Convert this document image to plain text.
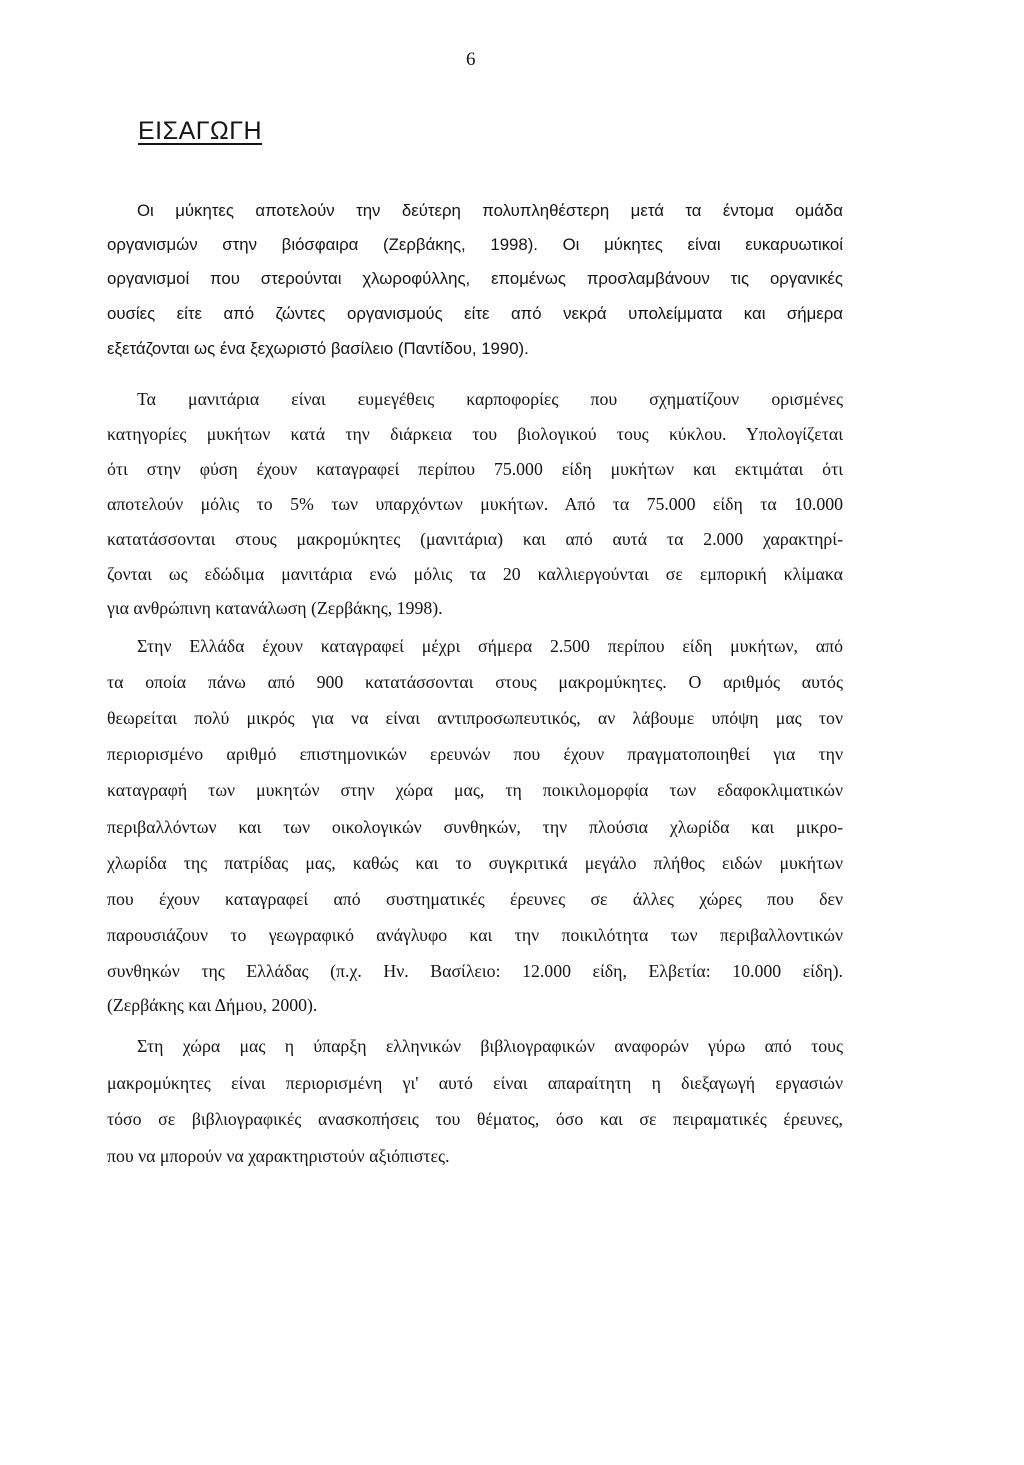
6
ΕΙΣΑΓΩΓΗ
Οι μύκητες αποτελούν την δεύτερη πολυπληθέστερη μετά τα έντομα ομάδα
οργανισμών στην βιόσφαιρα (Ζερβάκης, 1998). Οι μύκητες είναι ευκαρυωτικοί
οργανισμοί που στερούνται χλωροφύλλης, επομένως προσλαμβάνουν τις οργανικές
ουσίες είτε από ζώντες οργανισμούς είτε από νεκρά υπολείμματα και σήμερα
εξετάζονται ως ένα ξεχωριστό βασίλειο (Παντίδου, 1990).
Τα μανιτάρια είναι ευμεγέθεις καρποφορίες που σχηματίζουν ορισμένες
κατηγορίες μυκήτων κατά την διάρκεια του βιολογικού τους κύκλου. Υπολογίζεται
ότι στην φύση έχουν καταγραφεί περίπου 75.000 είδη μυκήτων και εκτιμάται ότι
αποτελούν μόλις το 5% των υπαρχόντων μυκήτων. Από τα 75.000 είδη τα 10.000
κατατάσσονται στους μακρομύκητες (μανιτάρια) και από αυτά τα 2.000 χαρακτηρί-
ζονται ως εδώδιμα μανιτάρια ενώ μόλις τα 20 καλλιεργούνται σε εμπορική κλίμακα
για ανθρώπινη κατανάλωση (Ζερβάκης, 1998).
Στην Ελλάδα έχουν καταγραφεί μέχρι σήμερα 2.500 περίπου είδη μυκήτων, από
τα οποία πάνω από 900 κατατάσσονται στους μακρομύκητες. Ο αριθμός αυτός
θεωρείται πολύ μικρός για να είναι αντιπροσωπευτικός, αν λάβουμε υπόψη μας τον
περιορισμένο αριθμό επιστημονικών ερευνών που έχουν πραγματοποιηθεί για την
καταγραφή των μυκητών στην χώρα μας, τη ποικιλομορφία των εδαφοκλιματικών
περιβαλλόντων και των οικολογικών συνθηκών, την πλούσια χλωρίδα και μικρο-
χλωρίδα της πατρίδας μας, καθώς και το συγκριτικά μεγάλο πλήθος ειδών μυκήτων
που έχουν καταγραφεί από συστηματικές έρευνες σε άλλες χώρες που δεν
παρουσιάζουν το γεωγραφικό ανάγλυφο και την ποικιλότητα των περιβαλλοντικών
συνθηκών της Ελλάδας (π.χ. Ην. Βασίλειο: 12.000 είδη, Ελβετία: 10.000 είδη).
(Ζερβάκης και Δήμου, 2000).
Στη χώρα μας η ύπαρξη ελληνικών βιβλιογραφικών αναφορών γύρω από τους
μακρομύκητες είναι περιορισμένη γι' αυτό είναι απαραίτητη η διεξαγωγή εργασιών
τόσο σε βιβλιογραφικές ανασκοπήσεις του θέματος, όσο και σε πειραματικές έρευνες,
που να μπορούν να χαρακτηριστούν αξιόπιστες.
